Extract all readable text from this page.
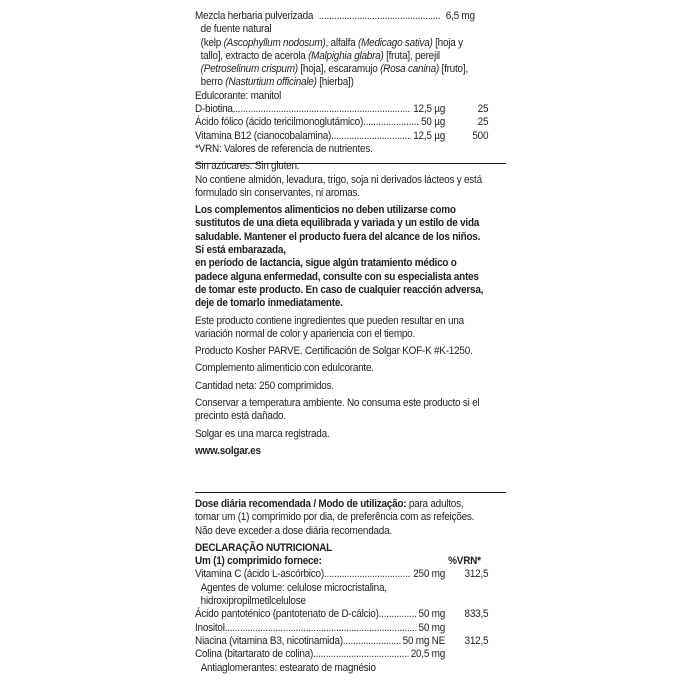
Mezcla herbaria pulverizada .....	6,5 mg
de fuente natural
(kelp (Ascophyllum nodosum), alfalfa (Medicago sativa) [hoja y tallo], extracto de acerola (Malpighia glabra) [fruta], perejil (Petroselinum crispum) [hoja], escaramujo (Rosa canina) [fruto], berro (Nasturtium officinale) [hierba])
Edulcorante: manitol
D-biotina .....	12,5 µg	25
Ácido fólico (ácido tericilmonoglutámico) .....	50 µg	25
Vitamina B12 (cianocobalamina) .....	12,5 µg	500
*VRN: Valores de referencia de nutrientes.
Sin azúcares. Sin gluten.
No contiene almidón, levadura, trigo, soja ni derivados lácteos y está formulado sin conservantes, ni aromas.
Los complementos alimenticios no deben utilizarse como sustitutos de una dieta equilibrada y variada y un estilo de vida saludable. Mantener el producto fuera del alcance de los niños.
Si está embarazada,
en período de lactancia, sigue algún tratamiento médico o padece alguna enfermedad, consulte con su especialista antes de tomar este producto. En caso de cualquier reacción adversa, deje de tomarlo inmediatamente.
Este producto contiene ingredientes que pueden resultar en una variación normal de color y apariencia con el tiempo.
Producto Kosher PARVE. Certificación de Solgar KOF-K #K-1250.
Complemento alimenticio con edulcorante.
Cantidad neta: 250 comprimidos.
Conservar a temperatura ambiente. No consuma este producto si el precinto está dañado.
Solgar es una marca registrada.
www.solgar.es
Dose diária recomendada / Modo de utilização: para adultos, tomar um (1) comprimido por dia, de preferência com as refeições. Não deve exceder a dose diária recomendada.
DECLARAÇÃO NUTRICIONAL
Um (1) comprimido fornece:	%VRN*
Vitamina C (ácido L-ascórbico) .....	250 mg	312,5
Agentes de volume: celulose microcristalina, hidroxipropilmetilcelulose
Ácido pantoténico (pantotenato de D-cálcio) .....	50 mg	833,5
Inositol .....	50 mg
Niacina (vitamina B3, nicotinamida) .....	50 mg NE	312,5
Colina (bitartarato de colina) .....	20,5 mg
Antiaglomerantes: estearato de magnésio
